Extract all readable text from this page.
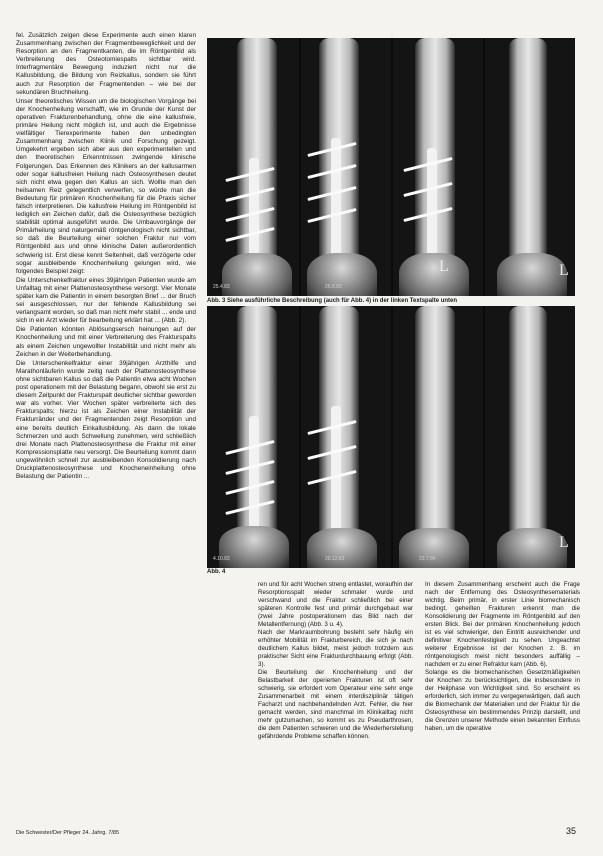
fel. Zusätzlich zeigen diese Experimente auch einen klaren Zusammenhang zwischen der Fragmentbeweglichkeit und der Resorption an den Fragmentkanten, die im Röntgenbild als Verbreiterung des Osteotomiespalts sichtbar wird. Interfragmentäre Bewegung induziert nicht nur die Kallusbildung, die Bildung von Reizkallus, sondern sie führt auch zur Resorption der Fragmentenden – wie bei der sekundären Bruchheilung.

Unser theoretisches Wissen um die biologischen Vorgänge bei der Knochenheilung verschafft, wie im Grunde der Kunst der operativen Frakturenbehandlung, ohne die eine kallusfreie, primäre Heilung nicht möglich ist, und auch die Ergebnisse vielfältiger Tierexperimente haben den unbedingten Zusammenhang zwischen Klinik und Forschung gezeigt. Umgekehrt ergeben sich aber aus den experimentellen und den theoretischen Erkenntnissen zwingende klinische Folgerungen. Das Erkennen des Klinikers an der kallusarmen oder sogar kallusfreien Heilung nach Osteosynthesen deutet sich nicht etwa gegen den Kallus an sich. Wollte man den heilsamen Reiz gelegentlich verwerfen, so würde man die Bedeutung für primären Knochenheilung für die Praxis sicher falsch interpretieren. Die kallusfreie Heilung im Röntgenbild ist lediglich ein Zeichen dafür, daß die Osteosynthese bezüglich stabilität optimal ausgeführt wurde. Die Umbauvorgänge der Primärheilung sind naturgemäß röntgenologisch nicht sichtbar, so daß die Beurteilung einer solchen Fraktur nur vom Röntgenbild aus und ohne klinische Daten außerordentlich schwierig ist. Erst diese kennt Seltenheit, daß verzögerte oder sogar ausbleibende Knochenheilung gelungen wird, wie folgendes Beispiel zeigt:

Die Unterschenkelfraktur eines 39jährigen Patienten wurde am Unfalltag mit einer Plattenosteosynthese versorgt. Vier Monate später kam die Patientin in einem besorgten Brief ... der Bruch sei ausgeschlossen, nur der fehlende Kallusbildung sei verlangsamt worden, so daß man nicht mehr stabil ... ende und sich in ein Arzt wieder für bearbeitung erklärt hat ... (Abb. 2).

Die Patienten könnten Ablösungsersch heinungen auf der Knochenheilung und mit einer Verbreiterung des Frakturspalts als einem Zeichen ungewollter Instabilität und nicht mehr als Zeichen in der Weiterbehandlung.

Die Unterschenkelfraktur einer 39jährigen Arzthilfe und Marathonläuferin wurde zeitig nach der Plattenosteosynthese ohne sichtbaren Kallus so daß die Patientin etwa acht Wochen post operationem mit der Belastung begann, obwohl sie erst zu diesem Zeitpunkt der Frakturspalt deutlicher sichtbar geworden war als vorher. Vier Wochen später verbreiterte sich des Frakturspalts; hierzu ist als Zeichen einer Instabilität der Frakturränder und der Fragmentenden zeigt Resorption und eine bereits deutlich Einkallusbildung. Als dann die lokale Schmerzen und auch Schwellung zunehmen, wird schließlich drei Monate nach Plattenosteosynthese die Fraktur mit einer Kompressionsplatte neu versorgt. Die Beurteilung kommt dann ungewöhnlich schnell zur ausbleibenden Konsolidierung nach Druckplattenosteosynthese und Knocheneinheilung ohne Belastung der Patientin ...

25.4.83	25.8.83
L	L
Abb. 3 Siehe ausführliche Beschreibung (auch für Abb. 4) in der linken Textspalte unten
4.10.83	20.12.83	23.7.84
L
Abb. 4
ren und für acht Wochen streng entlastet, woraufhin der Resorptionsspalt wieder schmaler wurde und verschwand und die Fraktur schließlich bei einer späteren Kontrolle fest und primär durchgebaut war (zwei Jahre postoperationem das Bild nach der Metallentfernung) (Abb. 3 u. 4).
Nach der Markraumbohrung besteht sehr häufig ein erhöhter Mobilität im Frakturbereich, die sich je nach deutlichem Kallus bildet, meist jedoch trotzdem aus praktischer Sicht eine Frakturdurchbauung erfolgt (Abb. 3).
Die Beurteilung der Knochenheilung und der Belastbarkeit der operierten Frakturen ist oft sehr schwierig, sie erfordert vom Operateur eine sehr enge Zusammenarbeit mit einem interdisziplinär tätigen Facharzt und nachbehandelnden Arzt. Fehler, die hier gemacht werden, sind manchmal im Klinikalltag nicht mehr gutzumachen, so kommt es zu Pseudarthrosen, die dem Patienten schweren und die Wiederherstellung gefährdende Probleme schaffen können.
In diesem Zusammenhang erscheint auch die Frage nach der Entfernung des Osteosynthesematerials wichtig. Beim primär, in erster Linie biomechanisch bedingt, geheilten Frakturen erkennt man die Konsolidierung der Fragmente im Röntgenbild auf den ersten Blick. Bei der primären Knochenheilung jedoch ist es viel schwieriger, den Eintritt ausreichender und definitiver Knochenfestigkeit zu sehen. Ungeachtet weiterer Ergebnisse ist der Knochen z. B. im röntgenologisch meist nicht besonders auffällig – nachdem er zu einer Refraktur kam (Abb. 6).
Solange es die biomechanischen Gesetzmäßigkeiten der Knochen zu berücksichtigen, die insbesondere in der Heilphase von Wichtigkeit sind. So erscheint es erforderlich, sich immer zu vergegenwärtigen, daß auch die Biomechanik der Materialien und der Fraktur für die Osteosynthese ein bestimmendes Prinzip darstellt, und die Grenzen unserer Methode einen bekannten Einfluss haben, um die operative
Die Schwester/Der Pfleger 24. Jahrg. 7/85	35
